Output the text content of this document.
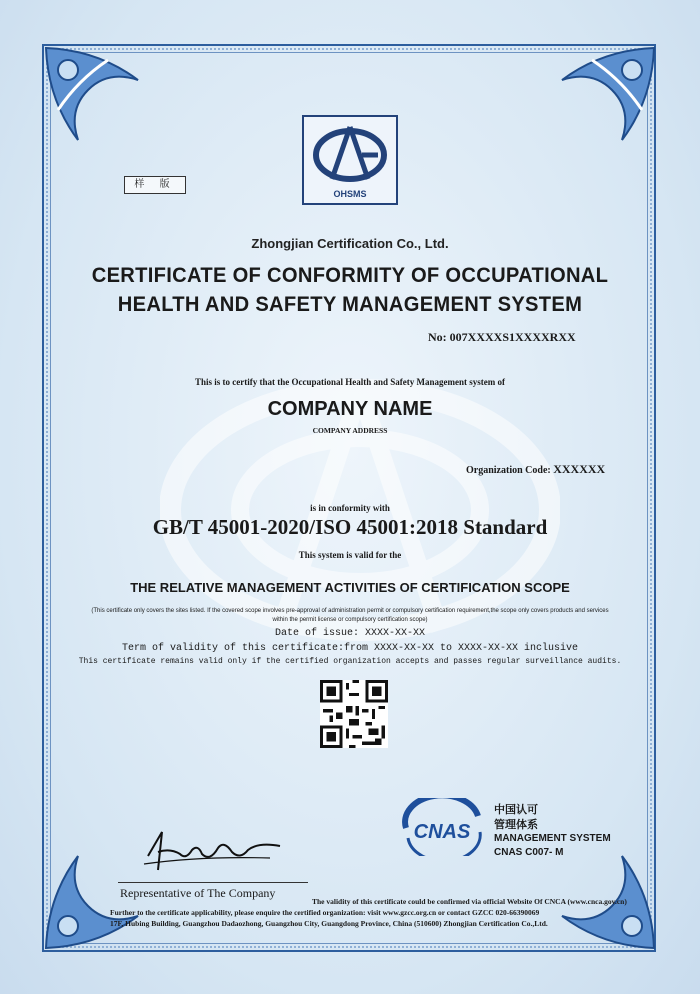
OHSMS
样 版
Zhongjian Certification Co., Ltd.
CERTIFICATE OF CONFORMITY OF OCCUPATIONAL
HEALTH AND SAFETY MANAGEMENT SYSTEM
No: 007XXXXS1XXXXRXX
This is to certify that the Occupational Health and Safety Management system of
COMPANY NAME
COMPANY ADDRESS
Organization Code: XXXXXX
is in conformity with
GB/T 45001-2020/ISO 45001:2018 Standard
This system is valid for the
THE RELATIVE MANAGEMENT ACTIVITIES OF CERTIFICATION SCOPE
(This certificate only covers the sites listed. If the covered scope involves pre-approval of administration permit or compulsory certification requirement,the scope only covers products and services
within the permit license or compulsory certification scope)
Date of issue: XXXX-XX-XX
Term of validity of this certificate:from XXXX-XX-XX to XXXX-XX-XX inclusive
This certificate remains valid only if the certified organization accepts and passes regular surveillance audits.
CNAS
中国认可
管理体系
MANAGEMENT SYSTEM
CNAS C007- M
Representative of The Company
The validity of this certificate could be confirmed via official Website Of CNCA (www.cnca.gov.cn)
Further to the certificate applicability, please enquire the certified organization: visit www.gzcc.org.cn or contact GZCC 020-66390069
17F, Hubing Building, Guangzhou Dadaozhong, Guangzhou City, Guangdong Province, China (510600) Zhongjian Certification Co.,Ltd.
